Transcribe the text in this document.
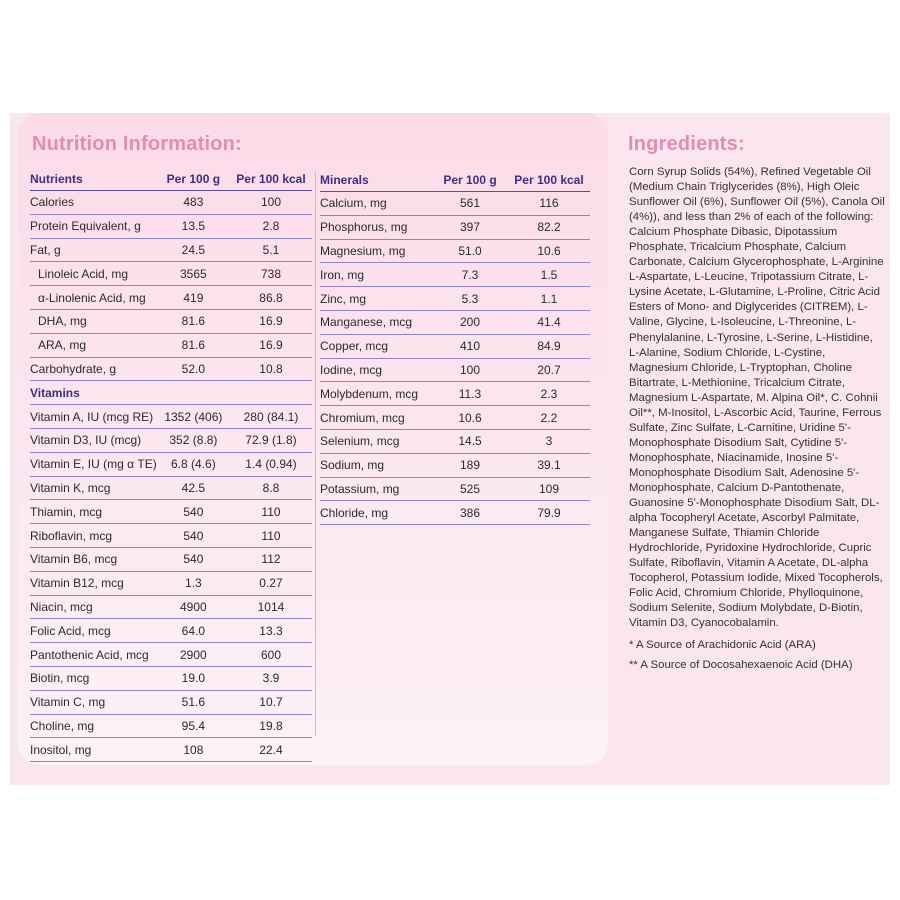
Nutrition Information:
Nutrients	Per 100 g	Per 100 kcal
Calories	483	100
Protein Equivalent, g	13.5	2.8
Fat, g	24.5	5.1
Linoleic Acid, mg	3565	738
α-Linolenic Acid, mg	419	86.8
DHA, mg	81.6	16.9
ARA, mg	81.6	16.9
Carbohydrate, g	52.0	10.8
Vitamins		
Vitamin A, IU (mcg RE)	1352 (406)	280 (84.1)
Vitamin D3, IU (mcg)	352 (8.8)	72.9 (1.8)
Vitamin E, IU (mg α TE)	6.8 (4.6)	1.4 (0.94)
Vitamin K, mcg	42.5	8.8
Thiamin, mcg	540	110
Riboflavin, mcg	540	110
Vitamin B6, mcg	540	112
Vitamin B12, mcg	1.3	0.27
Niacin, mcg	4900	1014
Folic Acid, mcg	64.0	13.3
Pantothenic Acid, mcg	2900	600
Biotin, mcg	19.0	3.9
Vitamin C, mg	51.6	10.7
Choline, mg	95.4	19.8
Inositol, mg	108	22.4
Minerals	Per 100 g	Per 100 kcal
Calcium, mg	561	116
Phosphorus, mg	397	82.2
Magnesium, mg	51.0	10.6
Iron, mg	7.3	1.5
Zinc, mg	5.3	1.1
Manganese, mcg	200	41.4
Copper, mcg	410	84.9
Iodine, mcg	100	20.7
Molybdenum, mcg	11.3	2.3
Chromium, mcg	10.6	2.2
Selenium, mcg	14.5	3
Sodium, mg	189	39.1
Potassium, mg	525	109
Chloride, mg	386	79.9
Ingredients:

Corn Syrup Solids (54%), Refined Vegetable Oil (Medium Chain Triglycerides (8%), High Oleic Sunflower Oil (6%), Sunflower Oil (5%), Canola Oil (4%)), and less than 2% of each of the following: Calcium Phosphate Dibasic, Dipotassium Phosphate, Tricalcium Phosphate, Calcium Carbonate, Calcium Glycerophosphate, L-Arginine L-Aspartate, L-Leucine, Tripotassium Citrate, L-Lysine Acetate, L-Glutamine, L-Proline, Citric Acid Esters of Mono- and Diglycerides (CITREM), L-Valine, Glycine, L-Isoleucine, L-Threonine, L-Phenylalanine, L-Tyrosine, L-Serine, L-Histidine, L-Alanine, Sodium Chloride, L-Cystine, Magnesium Chloride, L-Tryptophan, Choline Bitartrate, L-Methionine, Tricalcium Citrate, Magnesium L-Aspartate, M. Alpina Oil*, C. Cohnii Oil**, M-Inositol, L-Ascorbic Acid, Taurine, Ferrous Sulfate, Zinc Sulfate, L-Carnitine, Uridine 5'-Monophosphate Disodium Salt, Cytidine 5'-Monophosphate, Niacinamide, Inosine 5'-Monophosphate Disodium Salt, Adenosine 5'-Monophosphate, Calcium D-Pantothenate, Guanosine 5'-Monophosphate Disodium Salt, DL-alpha Tocopheryl Acetate, Ascorbyl Palmitate, Manganese Sulfate, Thiamin Chloride Hydrochloride, Pyridoxine Hydrochloride, Cupric Sulfate, Riboflavin, Vitamin A Acetate, DL-alpha Tocopherol, Potassium Iodide, Mixed Tocopherols, Folic Acid, Chromium Chloride, Phylloquinone, Sodium Selenite, Sodium Molybdate, D-Biotin, Vitamin D3, Cyanocobalamin.

* A Source of Arachidonic Acid (ARA)

** A Source of Docosahexaenoic Acid (DHA)
